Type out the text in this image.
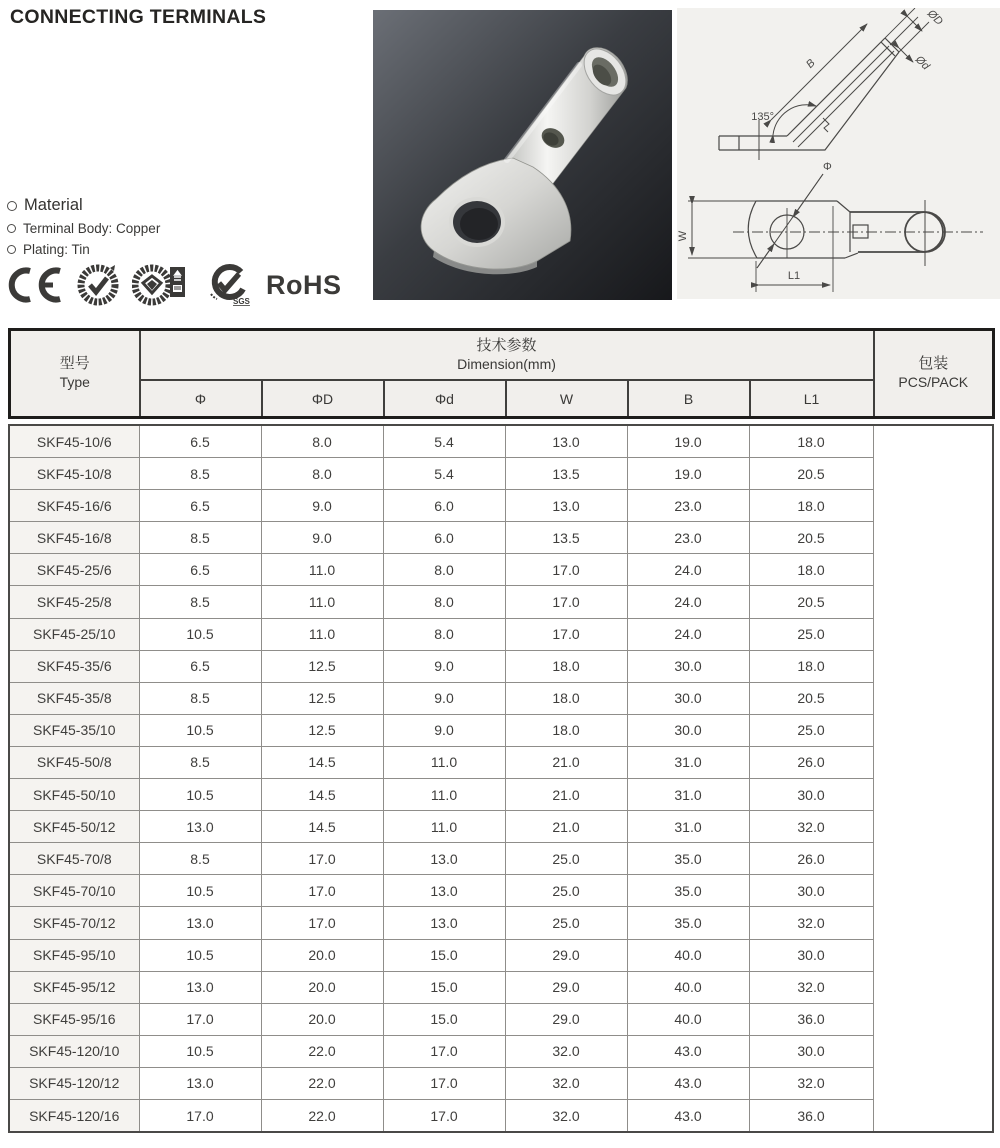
CONNECTING TERMINALS
Material
Terminal Body: Copper
Plating: Tin
SGS
RoHS
135°
B
ØD
Ød
Φ
W
L1
型号
Type

技术参数
Dimension(mm)	包装
PCS/PACK

	Φ	ΦD	Φd	W	B	L1	
SKF45-10/6	6.5	8.0	5.4	13.0	19.0	18.0	
SKF45-10/8	8.5	8.0	5.4	13.5	19.0	20.5	
SKF45-16/6	6.5	9.0	6.0	13.0	23.0	18.0	
SKF45-16/8	8.5	9.0	6.0	13.5	23.0	20.5	
SKF45-25/6	6.5	11.0	8.0	17.0	24.0	18.0	
SKF45-25/8	8.5	11.0	8.0	17.0	24.0	20.5	
SKF45-25/10	10.5	11.0	8.0	17.0	24.0	25.0	
SKF45-35/6	6.5	12.5	9.0	18.0	30.0	18.0	
SKF45-35/8	8.5	12.5	9.0	18.0	30.0	20.5	
SKF45-35/10	10.5	12.5	9.0	18.0	30.0	25.0	
SKF45-50/8	8.5	14.5	11.0	21.0	31.0	26.0	
SKF45-50/10	10.5	14.5	11.0	21.0	31.0	30.0	
SKF45-50/12	13.0	14.5	11.0	21.0	31.0	32.0	
SKF45-70/8	8.5	17.0	13.0	25.0	35.0	26.0	
SKF45-70/10	10.5	17.0	13.0	25.0	35.0	30.0	
SKF45-70/12	13.0	17.0	13.0	25.0	35.0	32.0	
SKF45-95/10	10.5	20.0	15.0	29.0	40.0	30.0	
SKF45-95/12	13.0	20.0	15.0	29.0	40.0	32.0	
SKF45-95/16	17.0	20.0	15.0	29.0	40.0	36.0	
SKF45-120/10	10.5	22.0	17.0	32.0	43.0	30.0	
SKF45-120/12	13.0	22.0	17.0	32.0	43.0	32.0	
SKF45-120/16	17.0	22.0	17.0	32.0	43.0	36.0	
